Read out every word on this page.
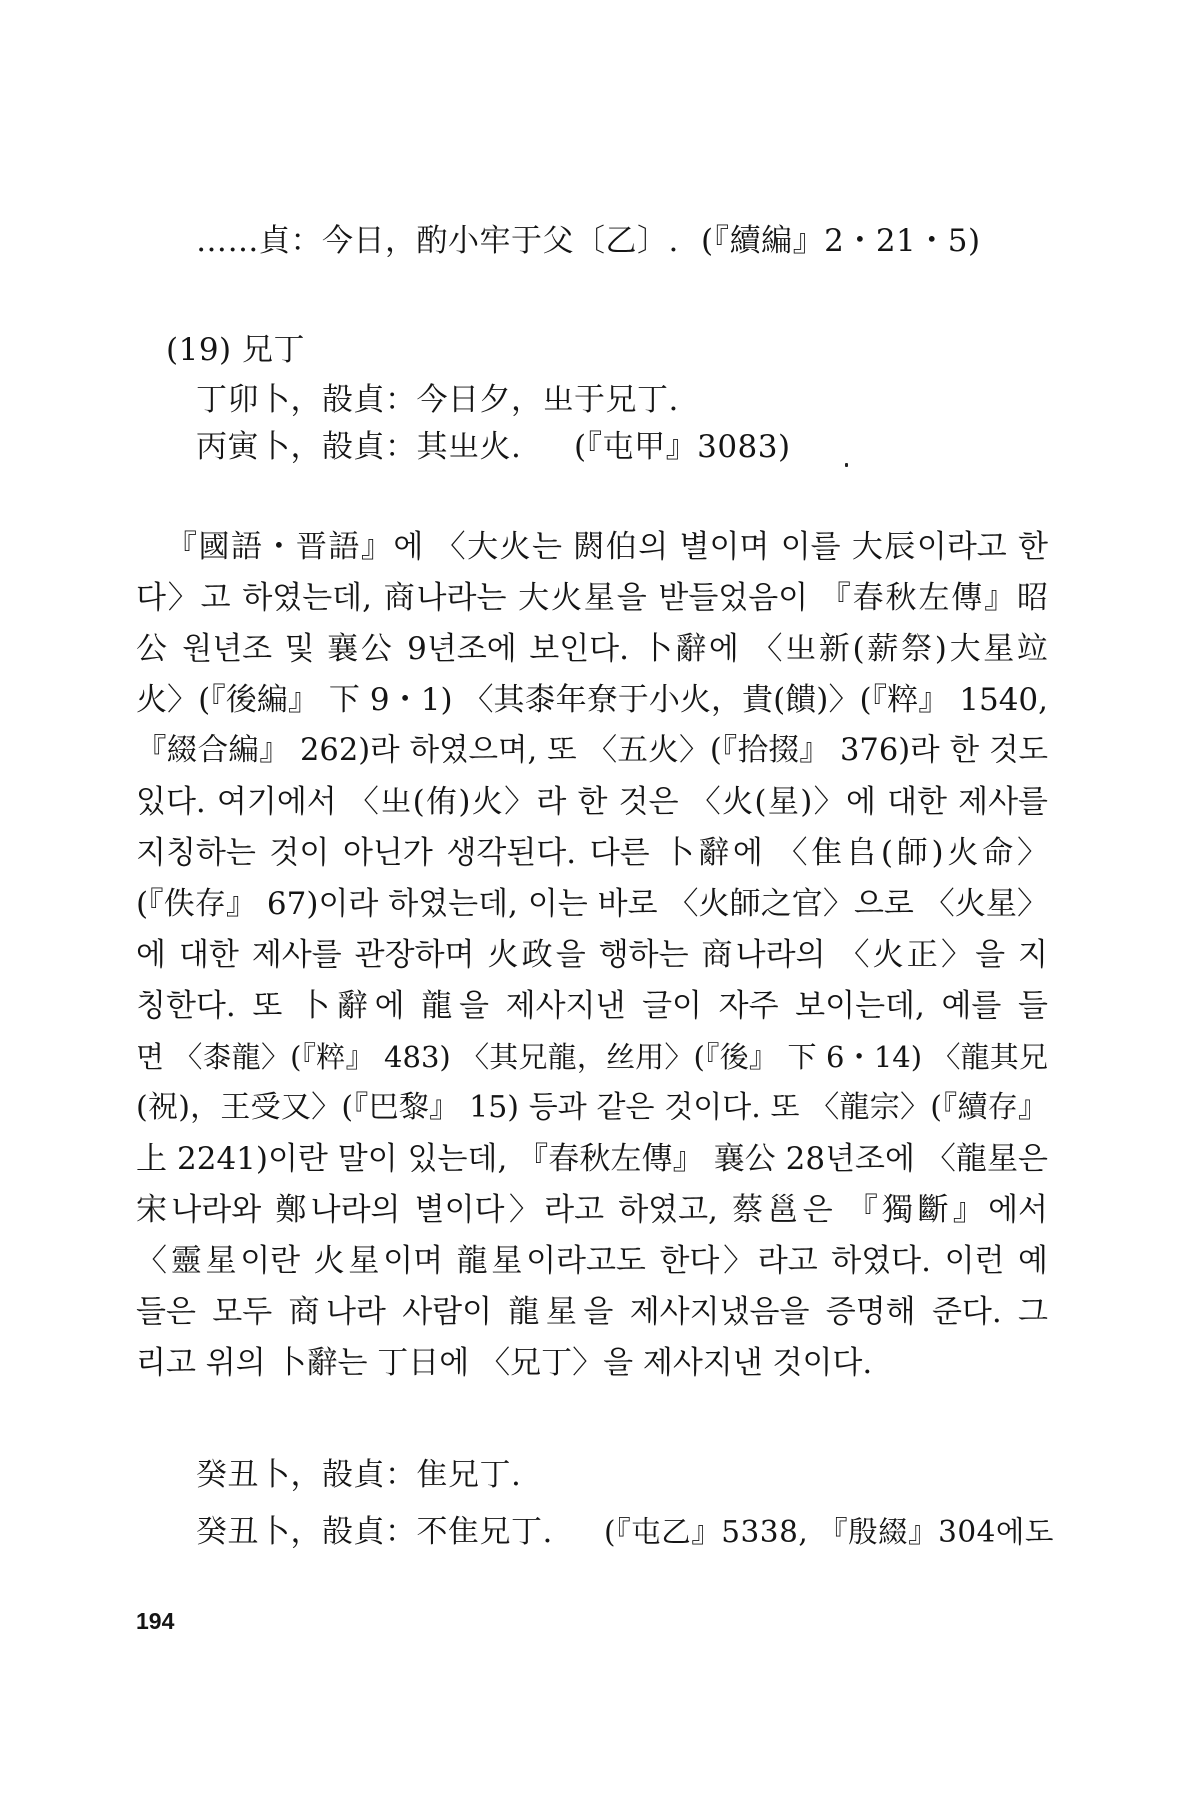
……貞：今日，酌小牢于父〔乙〕. (『續編』2・21・5)
(19) 兄丁
丁卯卜，㱿貞：今日夕，㞢于兄丁.
丙寅卜，㱿貞：其㞢火. (『屯甲』3083)
『國語・晋語』에 〈大火는 閼伯의 별이며 이를 大辰이라고 한
다〉고 하였는데, 商나라는 大火星을 받들었음이 『春秋左傳』昭
公 원년조 및 襄公 9년조에 보인다. 卜辭에 〈㞢新(薪祭)大星竝
火〉(『後編』 下 9・1) 〈其桼年尞于小火，貴(饋)〉(『粹』 1540,
『綴合編』 262)라 하였으며, 또 〈五火〉(『拾掇』 376)라 한 것도
있다. 여기에서 〈㞢(侑)火〉라 한 것은 〈火(星)〉에 대한 제사를
지칭하는 것이 아닌가 생각된다. 다른 卜辭에 〈隹𠂤(師)火命〉
(『佚存』 67)이라 하였는데, 이는 바로 〈火師之官〉으로 〈火星〉
에 대한 제사를 관장하며 火政을 행하는 商나라의 〈火正〉을 지
칭한다. 또 卜辭에 龍을 제사지낸 글이 자주 보이는데, 예를 들
면 〈桼龍〉(『粹』 483) 〈其兄龍，丝用〉(『後』 下 6・14) 〈龍其兄
(祝)，王受又〉(『巴黎』 15) 등과 같은 것이다. 또 〈龍宗〉(『續存』
上 2241)이란 말이 있는데, 『春秋左傳』 襄公 28년조에 〈龍星은
宋나라와 鄭나라의 별이다〉라고 하였고, 蔡邕은 『獨斷』에서
〈靈星이란 火星이며 龍星이라고도 한다〉라고 하였다. 이런 예
들은 모두 商나라 사람이 龍星을 제사지냈음을 증명해 준다. 그
리고 위의 卜辭는 丁日에 〈兄丁〉을 제사지낸 것이다.
癸丑卜，㱿貞：隹兄丁.
癸丑卜，㱿貞：不隹兄丁. (『屯乙』5338, 『殷綴』304에도
194
